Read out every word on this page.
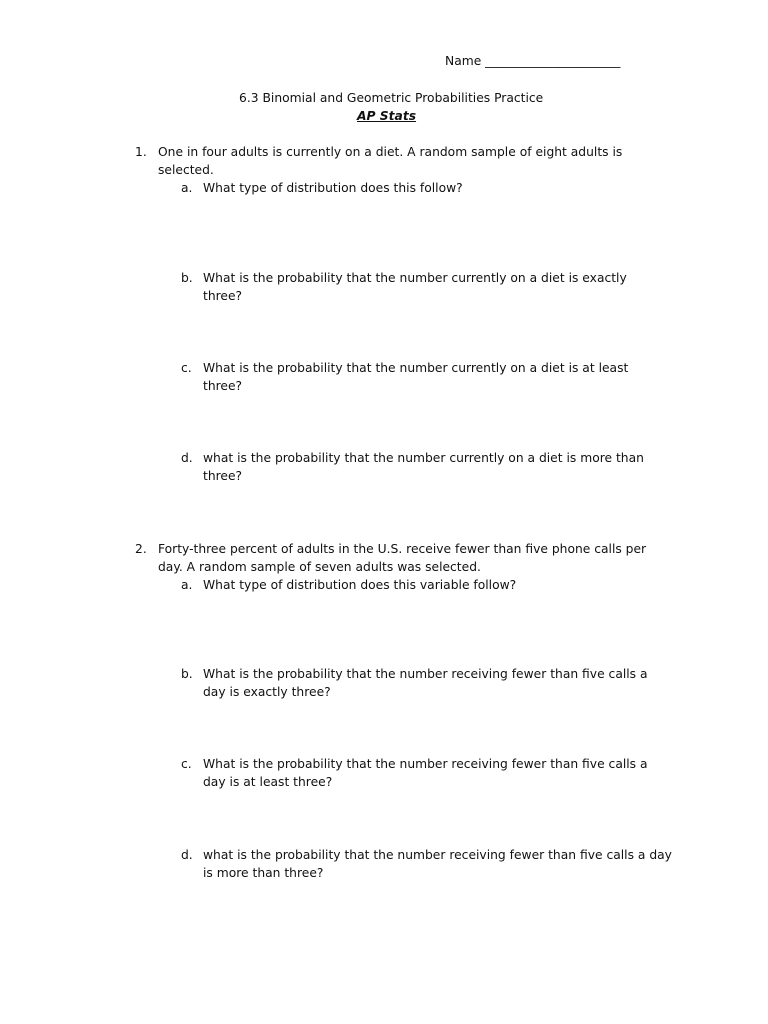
Name ______________________
6.3 Binomial and Geometric Probabilities Practice
AP Stats
1. One in four adults is currently on a diet. A random sample of eight adults is
selected.
a. What type of distribution does this follow?
b. What is the probability that the number currently on a diet is exactly
three?
c. What is the probability that the number currently on a diet is at least
three?
d. what is the probability that the number currently on a diet is more than
three?
2. Forty-three percent of adults in the U.S. receive fewer than five phone calls per
day. A random sample of seven adults was selected.
a. What type of distribution does this variable follow?
b. What is the probability that the number receiving fewer than five calls a
day is exactly three?
c. What is the probability that the number receiving fewer than five calls a
day is at least three?
d. what is the probability that the number receiving fewer than five calls a day
is more than three?
